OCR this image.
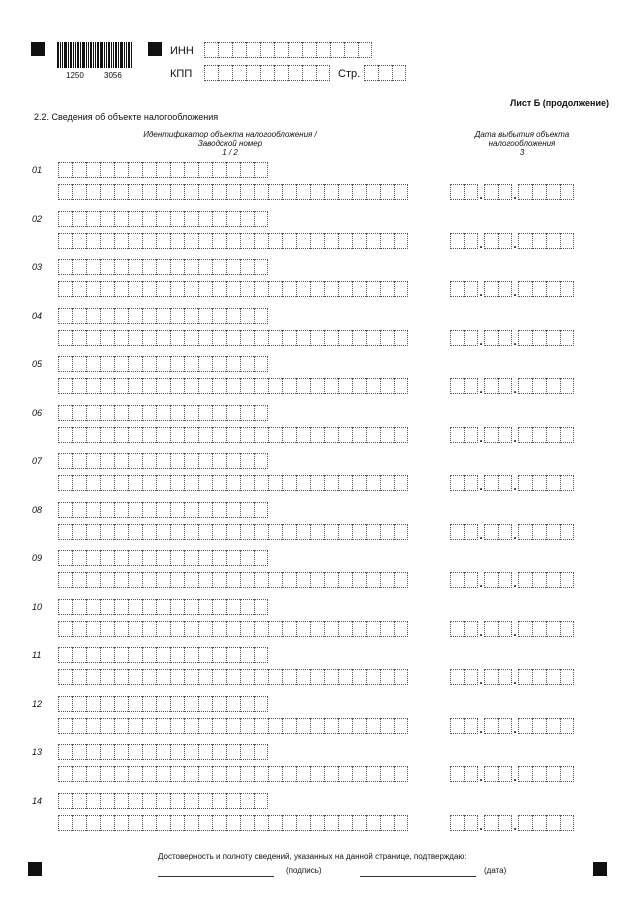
1250	3056
ИНН
КПП	Стр.
Лист Б (продолжение)
2.2. Сведения об объекте налогообложения
Идентификатор объекта налогообложения /
Заводской номер
1 / 2
Дата выбытия объекта
налогообложения
3
01
.	.
02
.	.
03
.	.
04
.	.
05
.	.
06
.	.
07
.	.
08
.	.
09
.	.
10
.	.
11
.	.
12
.	.
13
.	.
14
.	.
Достоверность и полноту сведений, указанных на данной странице, подтверждаю:
(подпись)	(дата)
